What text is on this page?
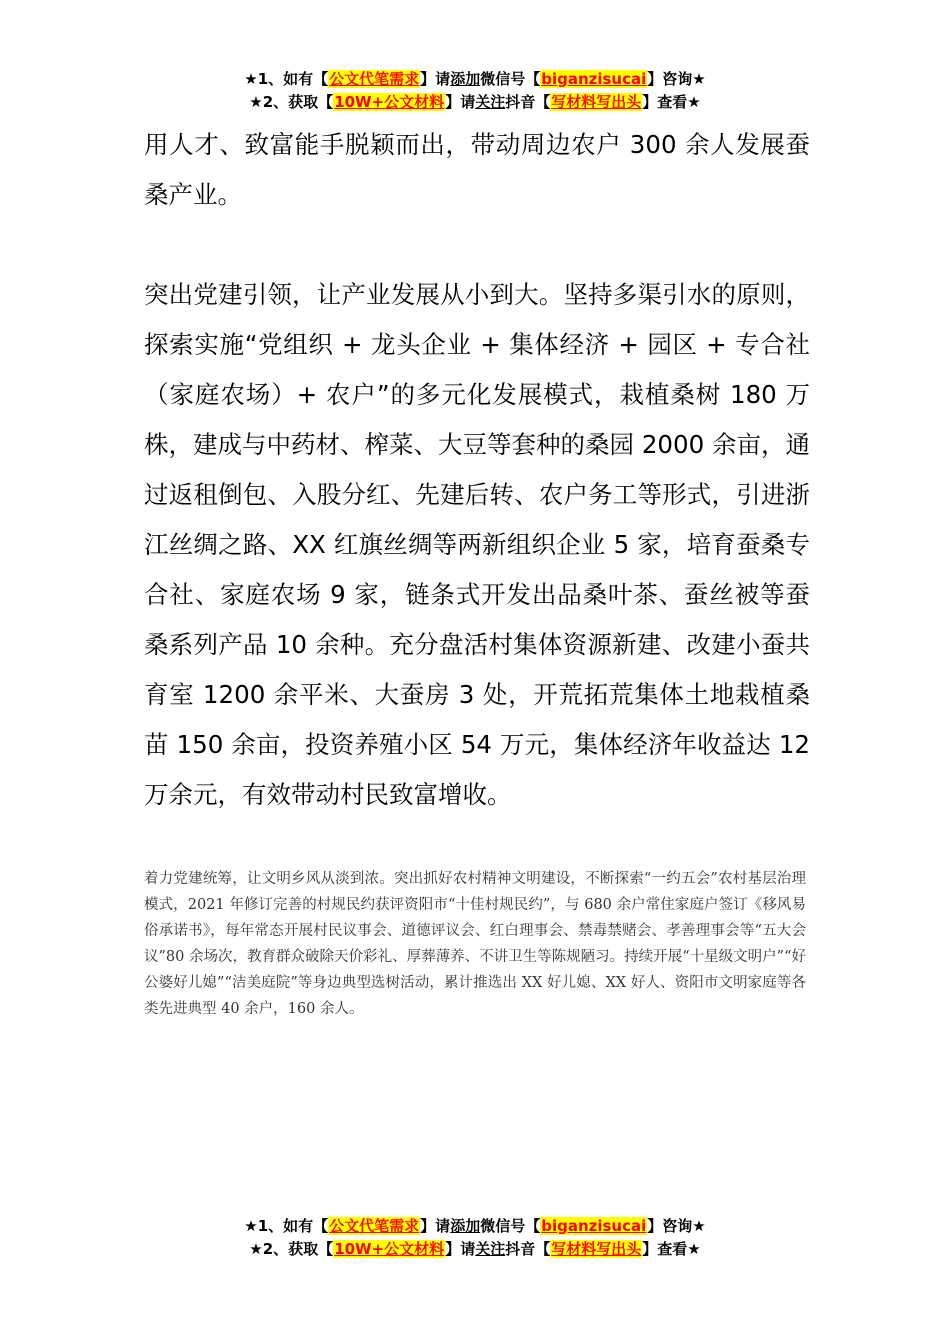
★1、如有【公文代笔需求】请添加微信号【biganzisucai】咨询★
★2、获取【10W+公文材料】请关注抖音【写材料写出头】查看★

用人才、致富能手脱颖而出，带动周边农户 300 余人发展蚕桑产业。

突出党建引领，让产业发展从小到大。坚持多渠引水的原则，探索实施“党组织 + 龙头企业 + 集体经济 + 园区 + 专合社（家庭农场）+ 农户”的多元化发展模式，栽植桑树 180 万株，建成与中药材、榨菜、大豆等套种的桑园 2000 余亩，通过返租倒包、入股分红、先建后转、农户务工等形式，引进浙江丝绸之路、XX 红旗丝绸等两新组织企业 5 家，培育蚕桑专合社、家庭农场 9 家，链条式开发出品桑叶茶、蚕丝被等蚕桑系列产品 10 余种。充分盘活村集体资源新建、改建小蚕共育室 1200 余平米、大蚕房 3 处，开荒拓荒集体土地栽植桑苗 150 余亩，投资养殖小区 54 万元，集体经济年收益达 12 万余元，有效带动村民致富增收。

着力党建统筹，让文明乡风从淡到浓。突出抓好农村精神文明建设，不断探索“一约五会”农村基层治理模式，2021 年修订完善的村规民约获评资阳市“十佳村规民约”，与 680 余户常住家庭户签订《移风易俗承诺书》，每年常态开展村民议事会、道德评议会、红白理事会、禁毒禁赌会、孝善理事会等“五大会议”80 余场次，教育群众破除天价彩礼、厚葬薄养、不讲卫生等陈规陋习。持续开展“十星级文明户”“好公婆好儿媳”“洁美庭院”等身边典型选树活动，累计推选出 XX 好儿媳、XX 好人、资阳市文明家庭等各类先进典型 40 余户，160 余人。

★1、如有【公文代笔需求】请添加微信号【biganzisucai】咨询★
★2、获取【10W+公文材料】请关注抖音【写材料写出头】查看★
